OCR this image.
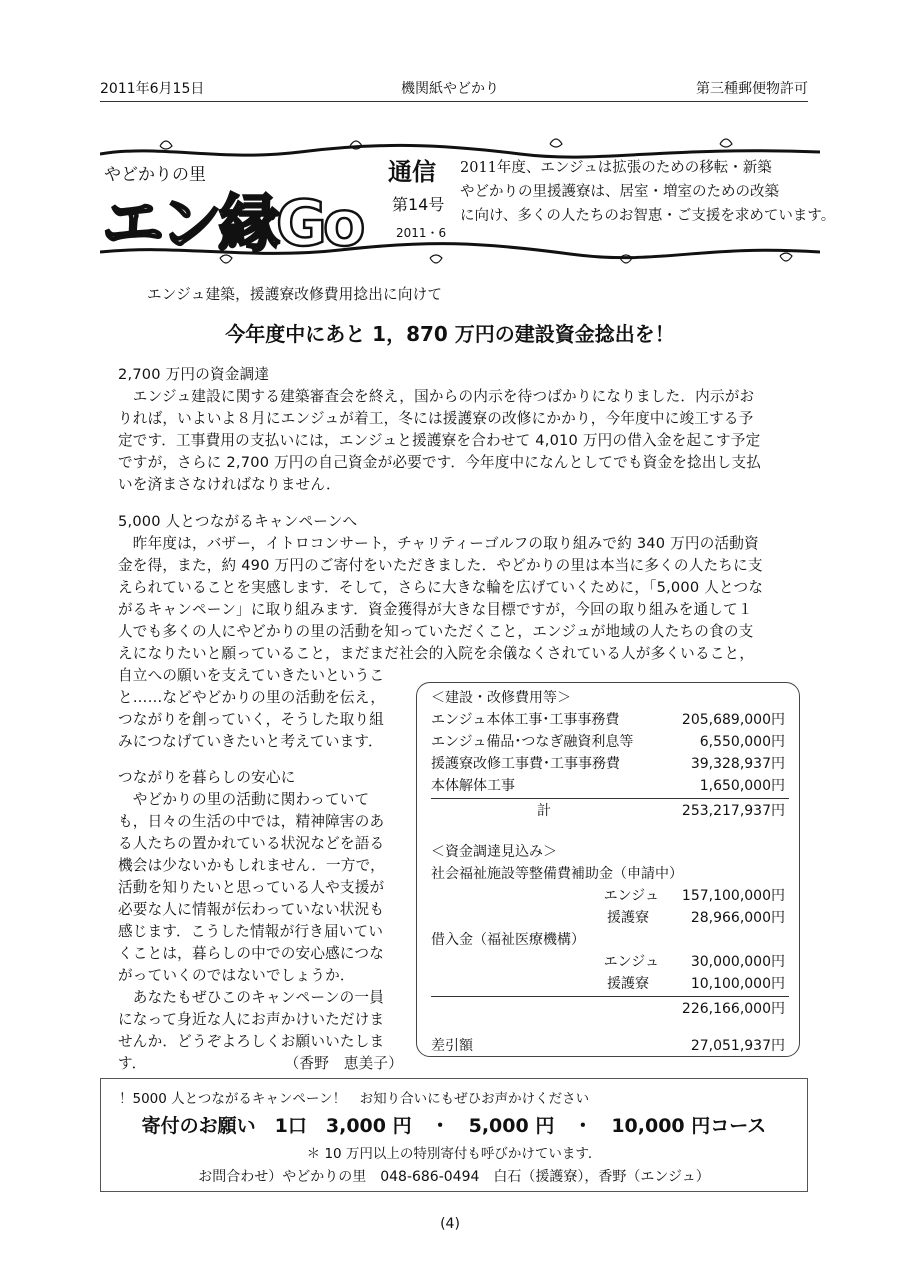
2011年6月15日	機関紙やどかり	第三種郵便物許可
やどかりの里
エン縁Go
通信
第14号
2011・6
2011年度、エンジュは拡張のための移転・新築
やどかりの里援護寮は、居室・増室のための改築
に向け、多くの人たちのお智恵・ご支援を求めています。
エンジュ建築，援護寮改修費用捻出に向けて
今年度中にあと 1，870 万円の建設資金捻出を！
2,700 万円の資金調達
　エンジュ建設に関する建築審査会を終え，国からの内示を待つばかりになりました．内示がお
りれば，いよいよ８月にエンジュが着工，冬には援護寮の改修にかかり，今年度中に竣工する予
定です．工事費用の支払いには，エンジュと援護寮を合わせて 4,010 万円の借入金を起こす予定
ですが，さらに 2,700 万円の自己資金が必要です．今年度中になんとしてでも資金を捻出し支払
いを済まさなければなりません．
5,000 人とつながるキャンペーンへ
　昨年度は，バザー，イトロコンサート，チャリティーゴルフの取り組みで約 340 万円の活動資
金を得，また，約 490 万円のご寄付をいただきました．やどかりの里は本当に多くの人たちに支
えられていることを実感します．そして，さらに大きな輪を広げていくために，「5,000 人とつな
がるキャンペーン」に取り組みます．資金獲得が大きな目標ですが，今回の取り組みを通して１
人でも多くの人にやどかりの里の活動を知っていただくこと，エンジュが地域の人たちの食の支
えになりたいと願っていること，まだまだ社会的入院を余儀なくされている人が多くいること，
自立への願いを支えていきたいというこ
と……などやどかりの里の活動を伝え，
つながりを創っていく，そうした取り組
みにつなげていきたいと考えています．
つながりを暮らしの安心に
　やどかりの里の活動に関わっていて
も，日々の生活の中では，精神障害のあ
る人たちの置かれている状況などを語る
機会は少ないかもしれません．一方で，
活動を知りたいと思っている人や支援が
必要な人に情報が伝わっていない状況も
感じます．こうした情報が行き届いてい
くことは，暮らしの中での安心感につな
がっていくのではないでしょうか．
　あなたもぜひこのキャンペーンの一員
になって身近な人にお声かけいただけま
せんか．どうぞよろしくお願いいたしま
す．	（香野　恵美子）
＜建設・改修費用等＞
エンジュ本体工事･工事事務費	205,689,000円
エンジュ備品･つなぎ融資利息等	6,550,000円
援護寮改修工事費･工事事務費	39,328,937円
本体解体工事	1,650,000円
計	253,217,937円
＜資金調達見込み＞
社会福祉施設等整備費補助金（申請中）
エンジュ 157,100,000円
援護寮	28,966,000円
借入金（福祉医療機構）
エンジュ 30,000,000円
援護寮	10,100,000円
226,166,000円
差引額	27,051,937円
！5000 人とつながるキャンペーン！　お知り合いにもぜひお声かけください
寄付のお願い　1口　3,000 円　・　5,000 円　・　10,000 円コース
＊ 10 万円以上の特別寄付も呼びかけています．
お問合わせ）やどかりの里　048-686-0494　白石（援護寮），香野（エンジュ）
(4)
